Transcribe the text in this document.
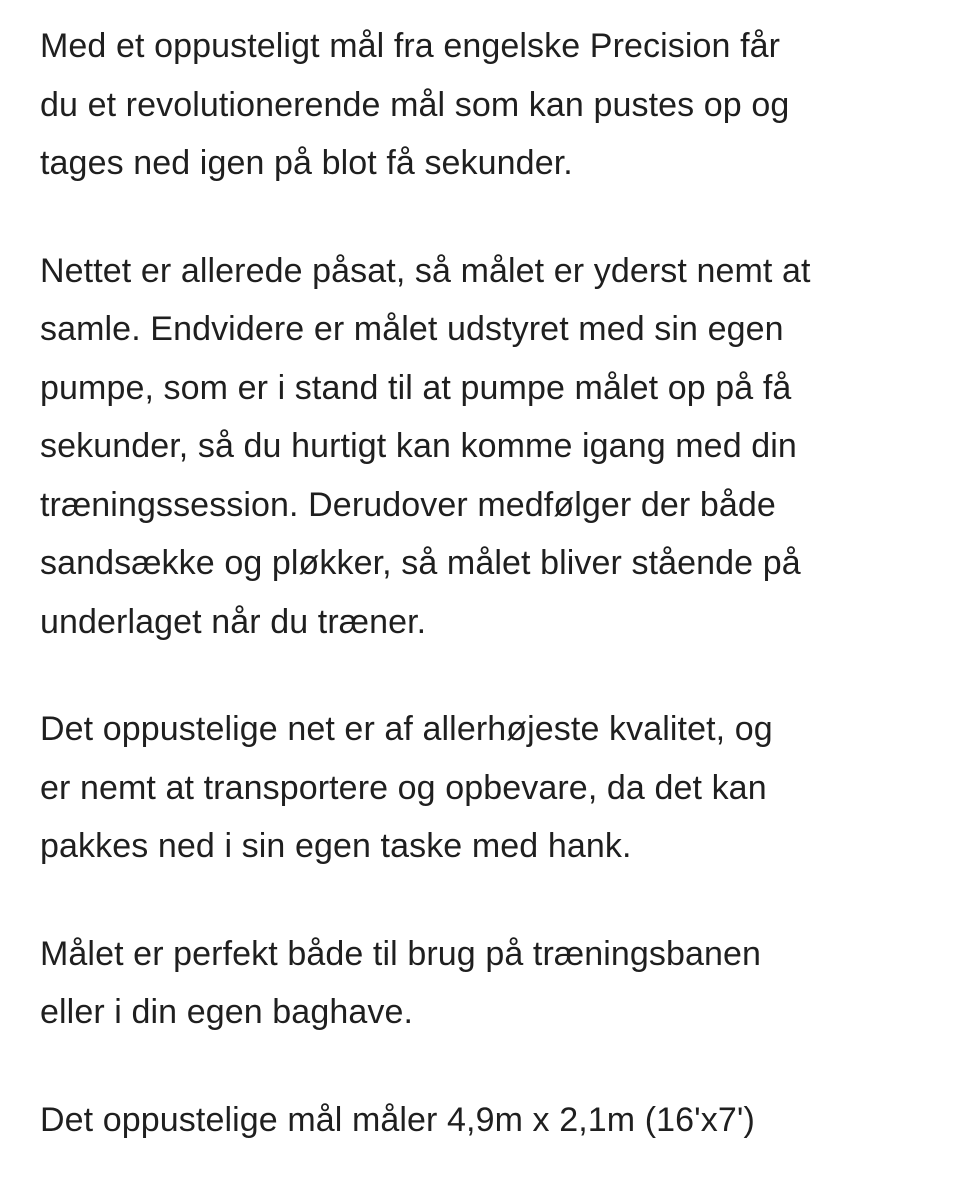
Med et oppusteligt mål fra engelske Precision får
du et revolutionerende mål som kan pustes op og
tages ned igen på blot få sekunder.

Nettet er allerede påsat, så målet er yderst nemt at
samle. Endvidere er målet udstyret med sin egen
pumpe, som er i stand til at pumpe målet op på få
sekunder, så du hurtigt kan komme igang med din
træningssession. Derudover medfølger der både
sandsække og pløkker, så målet bliver stående på
underlaget når du træner.

Det oppustelige net er af allerhøjeste kvalitet, og
er nemt at transportere og opbevare, da det kan
pakkes ned i sin egen taske med hank.

Målet er perfekt både til brug på træningsbanen
eller i din egen baghave.

Det oppustelige mål måler 4,9m x 2,1m (16'x7')
